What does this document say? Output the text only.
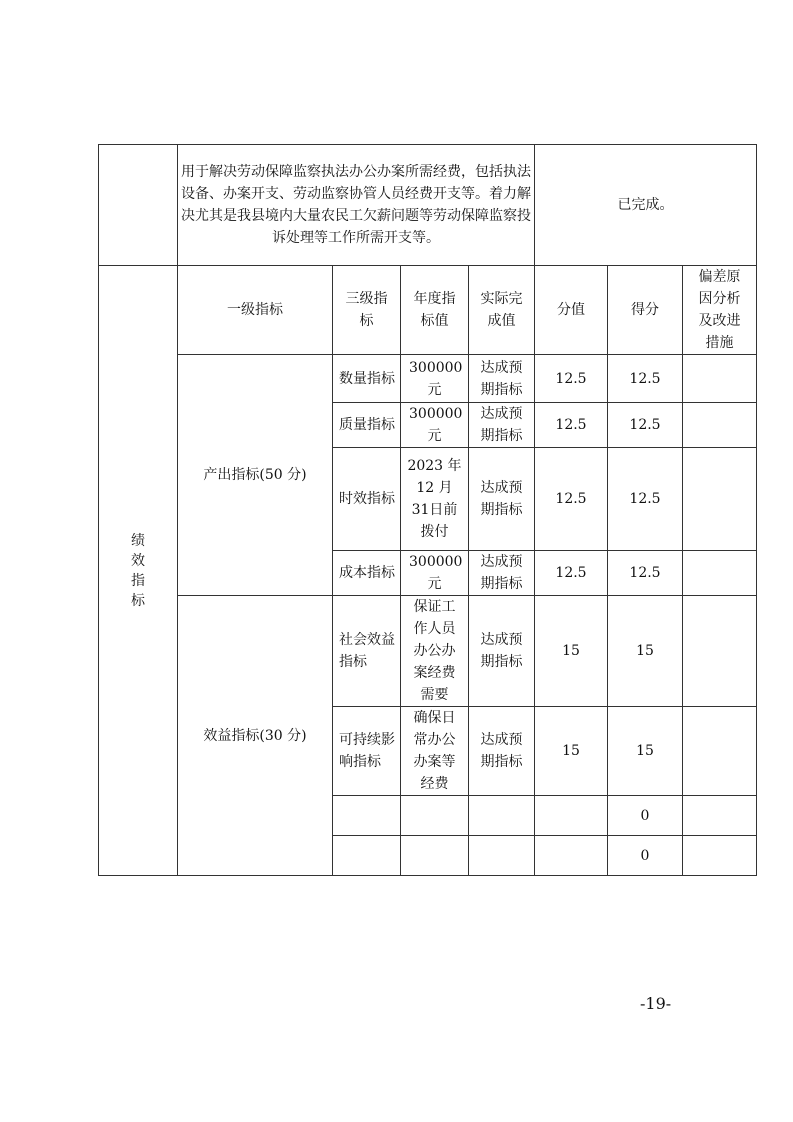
	用于解决劳动保障监察执法办公办案所需经费，包括执法设备、办案开支、劳动监察协管人员经费开支等。着力解决尤其是我县境内大量农民工欠薪问题等劳动保障监察投诉处理等工作所需开支等。				已完成。		

绩效指标	一级指标	三级指标	年度指标值	实际完成值	分值	得分	偏差原因分析及改进措施
	产出指标(50 分)	数量指标	300000元	达成预期指标	12.5	12.5	
		质量指标	300000元	达成预期指标	12.5	12.5	
		时效指标	2023 年12 月 31日前拨付	达成预期指标	12.5	12.5	
		成本指标	300000元	达成预期指标	12.5	12.5	
	效益指标(30 分)	社会效益指标	保证工作人员办公办案经费需要	达成预期指标	15	15	
		可持续影响指标	确保日常办公办案等经费	达成预期指标	15	15	
						0	
						0	
-19-
